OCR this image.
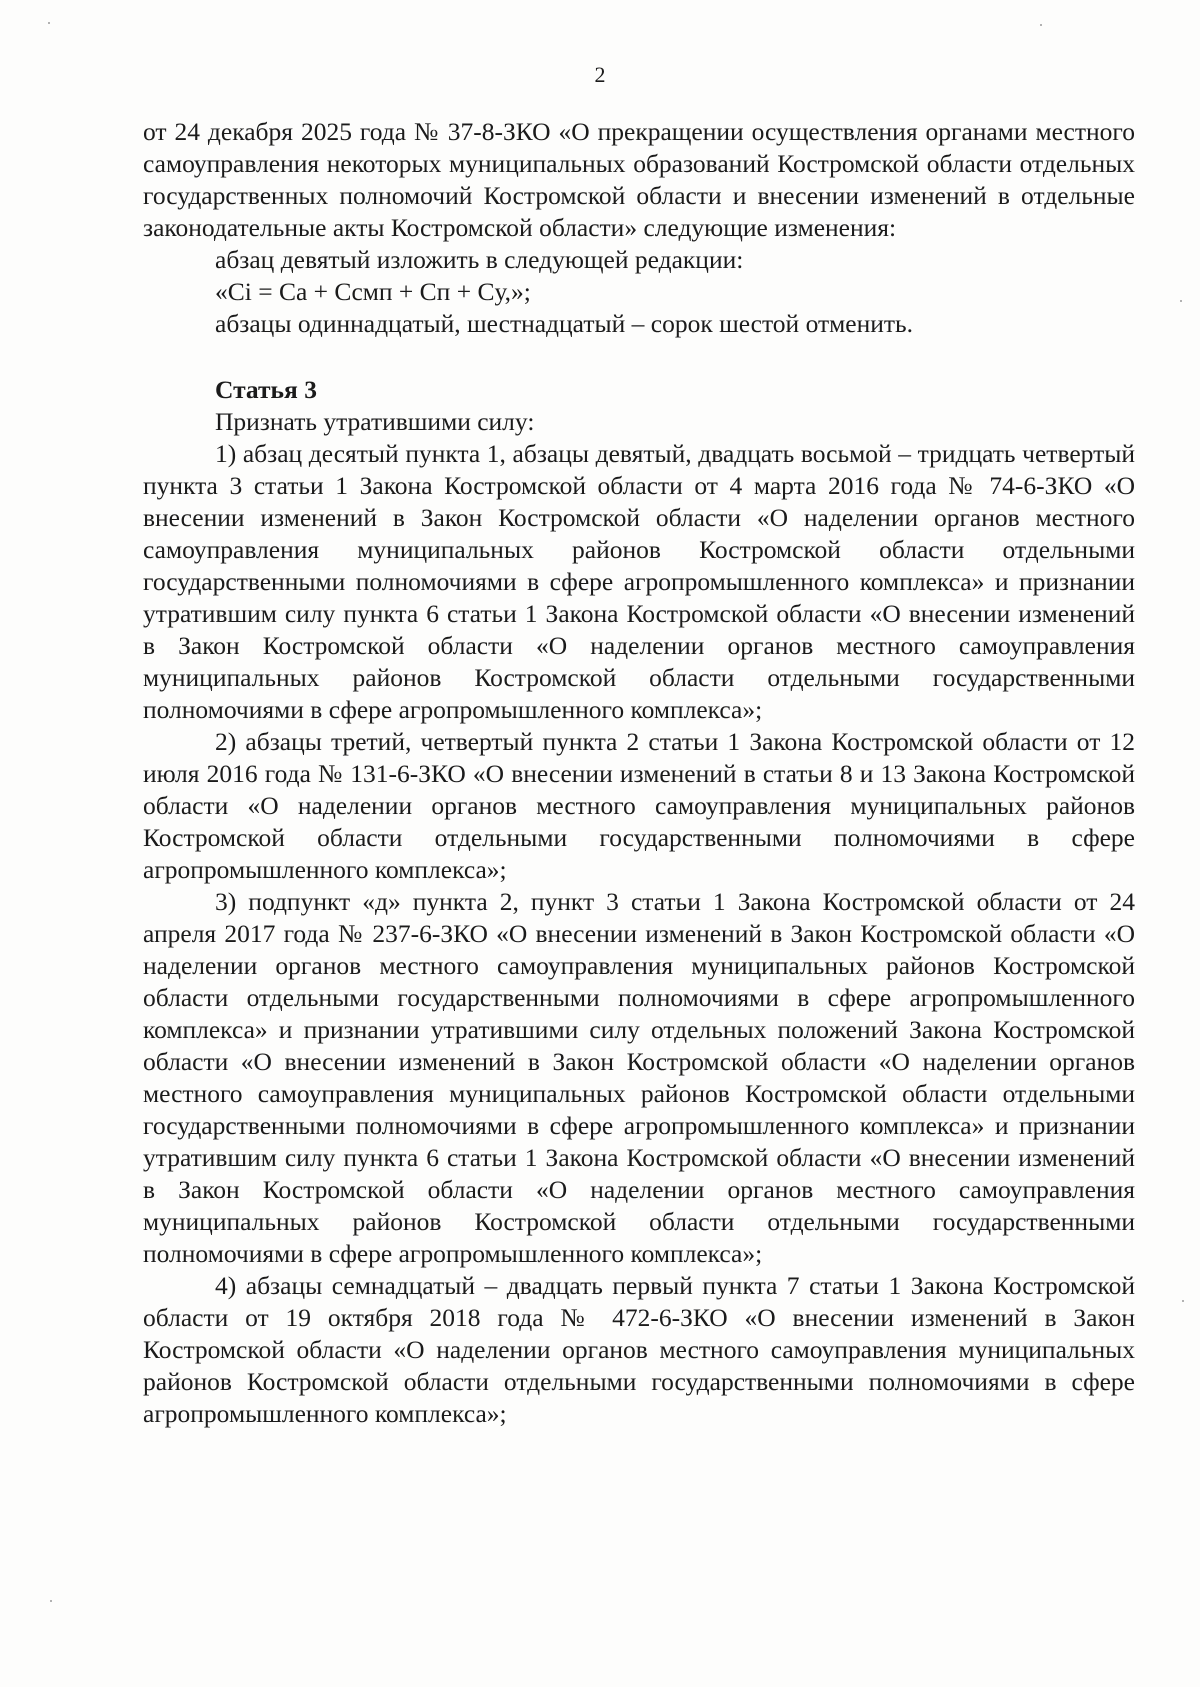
2

от 24 декабря 2025 года № 37-8-ЗКО «О прекращении осуществления органами местного самоуправления некоторых муниципальных образований Костромской области отдельных государственных полномочий Костромской области и внесении изменений в отдельные законодательные акты Костромской области» следующие изменения:

абзац девятый изложить в следующей редакции:

«Ci = Ca + Cсмп + Cп + Cу,»;

абзацы одиннадцатый, шестнадцатый – сорок шестой отменить.

Статья 3

Признать утратившими силу:

1) абзац десятый пункта 1, абзацы девятый, двадцать восьмой – тридцать четвертый пункта 3 статьи 1 Закона Костромской области от 4 марта 2016 года № 74-6-ЗКО «О внесении изменений в Закон Костромской области «О наделении органов местного самоуправления муниципальных районов Костромской области отдельными государственными полномочиями в сфере агропромышленного комплекса» и признании утратившим силу пункта 6 статьи 1 Закона Костромской области «О внесении изменений в Закон Костромской области «О наделении органов местного самоуправления муниципальных районов Костромской области отдельными государственными полномочиями в сфере агропромышленного комплекса»;

2) абзацы третий, четвертый пункта 2 статьи 1 Закона Костромской области от 12 июля 2016 года № 131-6-ЗКО «О внесении изменений в статьи 8 и 13 Закона Костромской области «О наделении органов местного самоуправления муниципальных районов Костромской области отдельными государственными полномочиями в сфере агропромышленного комплекса»;

3) подпункт «д» пункта 2, пункт 3 статьи 1 Закона Костромской области от 24 апреля 2017 года № 237-6-ЗКО «О внесении изменений в Закон Костромской области «О наделении органов местного самоуправления муниципальных районов Костромской области отдельными государственными полномочиями в сфере агропромышленного комплекса» и признании утратившими силу отдельных положений Закона Костромской области «О внесении изменений в Закон Костромской области «О наделении органов местного самоуправления муниципальных районов Костромской области отдельными государственными полномочиями в сфере агропромышленного комплекса» и признании утратившим силу пункта 6 статьи 1 Закона Костромской области «О внесении изменений в Закон Костромской области «О наделении органов местного самоуправления муниципальных районов Костромской области отдельными государственными полномочиями в сфере агропромышленного комплекса»;

4) абзацы семнадцатый – двадцать первый пункта 7 статьи 1 Закона Костромской области от 19 октября 2018 года № 472-6-ЗКО «О внесении изменений в Закон Костромской области «О наделении органов местного самоуправления муниципальных районов Костромской области отдельными государственными полномочиями в сфере агропромышленного комплекса»;
